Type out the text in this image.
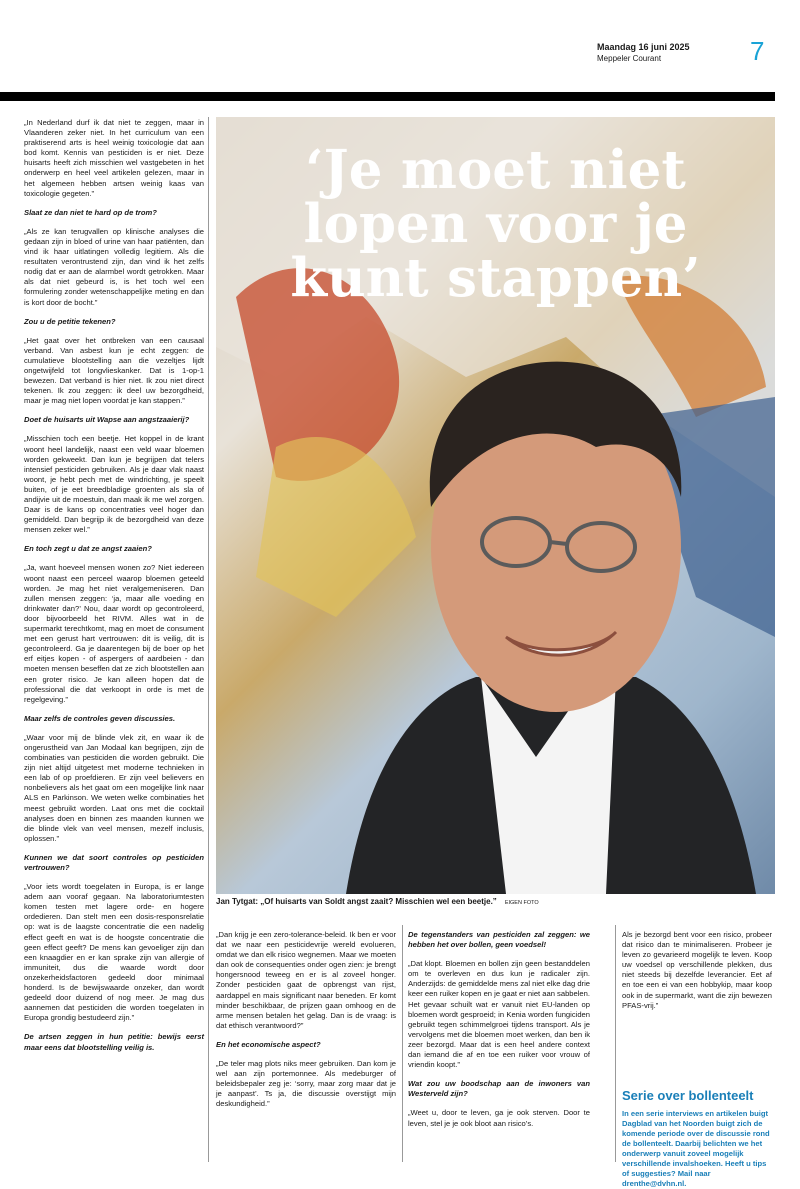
Maandag 16 juni 2025
Meppeler Courant	7

„In Nederland durf ik dat niet te zeggen, maar in Vlaanderen zeker niet. In het curriculum van een praktiserend arts is heel weinig toxicologie dat aan bod komt. Kennis van pesticiden is er niet. Deze huisarts heeft zich misschien wel vastgebeten in het onderwerp en heel veel artikelen gelezen, maar in het algemeen hebben artsen weinig kaas van toxicologie gegeten.”

Slaat ze dan niet te hard op de trom?

„Als ze kan terugvallen op klinische analyses die gedaan zijn in bloed of urine van haar patiënten, dan vind ik haar uitlatingen volledig legitiem. Als die resultaten verontrustend zijn, dan vind ik het zelfs nodig dat er aan de alarmbel wordt getrokken. Maar als dat niet gebeurd is, is het toch wel een formulering zonder wetenschappelijke meting en dan is kort door de bocht.”

Zou u de petitie tekenen?

„Het gaat over het ontbreken van een causaal verband. Van asbest kun je echt zeggen: de cumulatieve blootstelling aan die vezeltjes lijdt ongetwijfeld tot longvlieskanker. Dat is 1-op-1 bewezen. Dat verband is hier niet. Ik zou niet direct tekenen. Ik zou zeggen: ik deel uw bezorgdheid, maar je mag niet lopen voordat je kan stappen.”

Doet de huisarts uit Wapse aan angstzaaierij?

„Misschien toch een beetje. Het koppel in de krant woont heel landelijk, naast een veld waar bloemen worden gekweekt. Dan kun je begrijpen dat telers intensief pesticiden gebruiken. Als je daar vlak naast woont, je hebt pech met de windrichting, je speelt buiten, of je eet breedbladige groenten als sla of andijvie uit de moestuin, dan maak ik me wel zorgen. Daar is de kans op concentraties veel hoger dan gemiddeld. Dan begrijp ik de bezorgdheid van deze mensen zeker wel.”

En toch zegt u dat ze angst zaaien?

„Ja, want hoeveel mensen wonen zo? Niet iedereen woont naast een perceel waarop bloemen geteeld worden. Je mag het niet veralgemeniseren. Dan zullen mensen zeggen: ‘ja, maar alle voeding en drinkwater dan?’ Nou, daar wordt op gecontroleerd, door bijvoorbeeld het RIVM. Alles wat in de supermarkt terechtkomt, mag en moet de consument met een gerust hart vertrouwen: dit is veilig, dit is gecontroleerd. Ga je daarentegen bij de boer op het erf eitjes kopen - of aspergers of aardbeien - dan moeten mensen beseffen dat ze zich blootstellen aan een groter risico. Je kan alleen hopen dat de professional die dat verkoopt in orde is met de regelgeving.”

Maar zelfs de controles geven discussies.

„Waar voor mij de blinde vlek zit, en waar ik de ongerustheid van Jan Modaal kan begrijpen, zijn de combinaties van pesticiden die worden gebruikt. Die zijn niet altijd uitgetest met moderne technieken in een lab of op proefdieren. Er zijn veel believers en nonbelievers als het gaat om een mogelijke link naar ALS en Parkinson. We weten welke combinaties het meest gebruikt worden. Laat ons met die cocktail analyses doen en binnen zes maanden kunnen we die blinde vlek van veel mensen, mezelf inclusis, oplossen.”

Kunnen we dat soort controles op pesticiden vertrouwen?

„Voor iets wordt toegelaten in Europa, is er lange adem aan vooraf gegaan. Na laboratoriumtesten komen testen met lagere orde- en hogere ordedieren. Dan stelt men een dosis-responsrelatie op: wat is de laagste concentratie die een nadelig effect geeft en wat is de hoogste concentratie die geen effect geeft? De mens kan gevoeliger zijn dan een knaagdier en er kan sprake zijn van allergie of immuniteit, dus die waarde wordt door onzekerheidsfactoren gedeeld door minimaal honderd. Is de bewijswaarde onzeker, dan wordt gedeeld door duizend of nog meer. Je mag dus aannemen dat pesticiden die worden toegelaten in Europa grondig bestudeerd zijn.”

De artsen zeggen in hun petitie: bewijs eerst maar eens dat blootstelling veilig is.

‘Je moet niet
lopen voor je
kunt stappen’
Jan Tytgat: „Of huisarts van Soldt angst zaait? Misschien wel een beetje.” EIGEN FOTO

„Dan krijg je een zero-tolerance-beleid. Ik ben er voor dat we naar een pesticidevrije wereld evolueren, omdat we dan elk risico wegnemen. Maar we moeten dan ook de consequenties onder ogen zien: je brengt hongersnood teweeg en er is al zoveel honger. Zonder pesticiden gaat de opbrengst van rijst, aardappel en mais significant naar beneden. Er komt minder beschikbaar, de prijzen gaan omhoog en de arme mensen betalen het gelag. Dan is de vraag: is dat ethisch verantwoord?”

En het economische aspect?

„De teler mag plots niks meer gebruiken. Dan kom je wel aan zijn portemonnee. Als medeburger of beleidsbepaler zeg je: ‘sorry, maar zorg maar dat je je aanpast’. Ts ja, die discussie overstijgt mijn deskundigheid.”

De tegenstanders van pesticiden zal zeggen: we hebben het over bollen, geen voedsel!

„Dat klopt. Bloemen en bollen zijn geen bestanddelen om te overleven en dus kun je radicaler zijn. Anderzijds: de gemiddelde mens zal niet elke dag drie keer een ruiker kopen en je gaat er niet aan sabbelen. Het gevaar schuilt wat er vanuit niet EU-landen op bloemen wordt gesproeid; in Kenia worden fungiciden gebruikt tegen schimmelgroei tijdens transport. Als je vervolgens met die bloemen moet werken, dan ben ik zeer bezorgd. Maar dat is een heel andere context dan iemand die af en toe een ruiker voor vrouw of vriendin koopt.”

Wat zou uw boodschap aan de inwoners van Westerveld zijn?

„Weet u, door te leven, ga je ook sterven. Door te leven, stel je je ook bloot aan risico’s.

Als je bezorgd bent voor een risico, probeer dat risico dan te minimaliseren. Probeer je leven zo gevarieerd mogelijk te leven. Koop uw voedsel op verschillende plekken, dus niet steeds bij dezelfde leverancier. Eet af en toe een ei van een hobbykip, maar koop ook in de supermarkt, want die zijn bewezen PFAS-vrij.”

Serie over bollenteelt

In een serie interviews en artikelen buigt Dagblad van het Noorden buigt zich de komende periode over de discussie rond de bollenteelt. Daarbij belichten we het onderwerp vanuit zoveel mogelijk verschillende invalshoeken. Heeft u tips of suggesties? Mail naar drenthe@dvhn.nl.
